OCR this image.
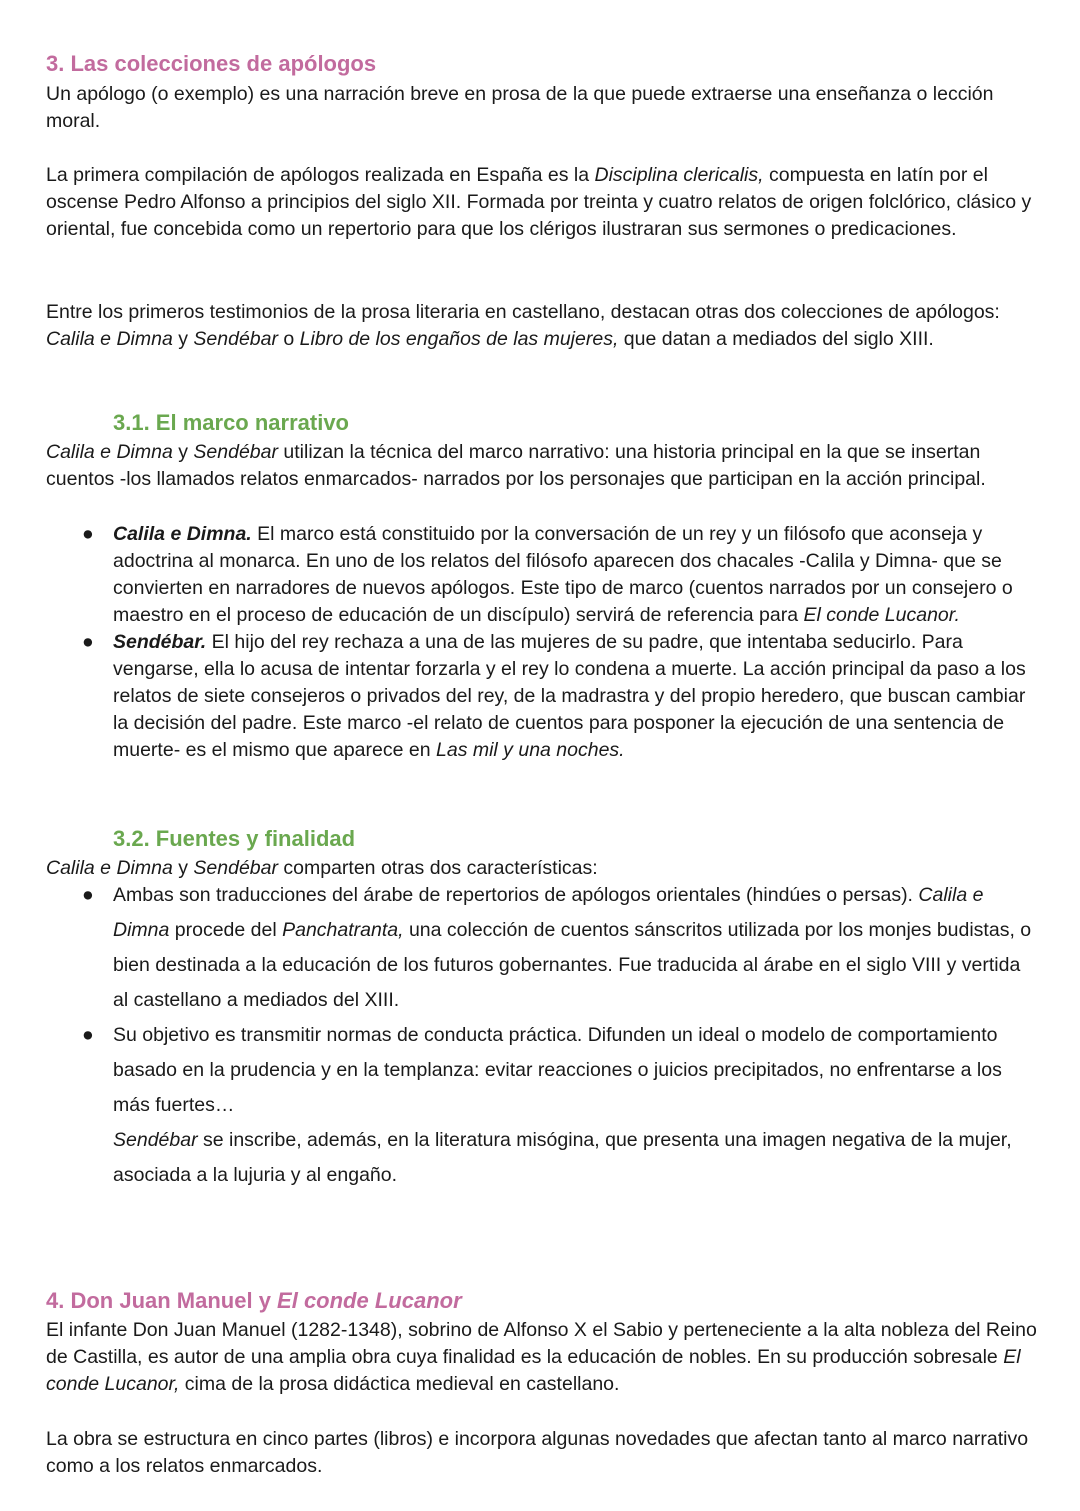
3. Las colecciones de apólogos

Un apólogo (o exemplo) es una narración breve en prosa de la que puede extraerse una enseñanza o lección moral.

La primera compilación de apólogos realizada en España es la Disciplina clericalis, compuesta en latín por el oscense Pedro Alfonso a principios del siglo XII. Formada por treinta y cuatro relatos de origen folclórico, clásico y oriental, fue concebida como un repertorio para que los clérigos ilustraran sus sermones o predicaciones.

Entre los primeros testimonios de la prosa literaria en castellano, destacan otras dos colecciones de apólogos: Calila e Dimna y Sendébar o Libro de los engaños de las mujeres, que datan a mediados del siglo XIII.

3.1. El marco narrativo

Calila e Dimna y Sendébar utilizan la técnica del marco narrativo: una historia principal en la que se insertan cuentos -los llamados relatos enmarcados- narrados por los personajes que participan en la acción principal.

● Calila e Dimna. El marco está constituido por la conversación de un rey y un filósofo que aconseja y adoctrina al monarca. En uno de los relatos del filósofo aparecen dos chacales -Calila y Dimna- que se convierten en narradores de nuevos apólogos. Este tipo de marco (cuentos narrados por un consejero o maestro en el proceso de educación de un discípulo) servirá de referencia para El conde Lucanor.
● Sendébar. El hijo del rey rechaza a una de las mujeres de su padre, que intentaba seducirlo. Para vengarse, ella lo acusa de intentar forzarla y el rey lo condena a muerte. La acción principal da paso a los relatos de siete consejeros o privados del rey, de la madrastra y del propio heredero, que buscan cambiar la decisión del padre. Este marco -el relato de cuentos para posponer la ejecución de una sentencia de muerte- es el mismo que aparece en Las mil y una noches.
3.2. Fuentes y finalidad

Calila e Dimna y Sendébar comparten otras dos características:

● Ambas son traducciones del árabe de repertorios de apólogos orientales (hindúes o persas). Calila e Dimna procede del Panchatranta, una colección de cuentos sánscritos utilizada por los monjes budistas, o bien destinada a la educación de los futuros gobernantes. Fue traducida al árabe en el siglo VIII y vertida al castellano a mediados del XIII.
● Su objetivo es transmitir normas de conducta práctica. Difunden un ideal o modelo de comportamiento basado en la prudencia y en la templanza: evitar reacciones o juicios precipitados, no enfrentarse a los más fuertes…
Sendébar se inscribe, además, en la literatura misógina, que presenta una imagen negativa de la mujer, asociada a la lujuria y al engaño.
4. Don Juan Manuel y El conde Lucanor

El infante Don Juan Manuel (1282-1348), sobrino de Alfonso X el Sabio y perteneciente a la alta nobleza del Reino de Castilla, es autor de una amplia obra cuya finalidad es la educación de nobles. En su producción sobresale El conde Lucanor, cima de la prosa didáctica medieval en castellano.

La obra se estructura en cinco partes (libros) e incorpora algunas novedades que afectan tanto al marco narrativo como a los relatos enmarcados.
